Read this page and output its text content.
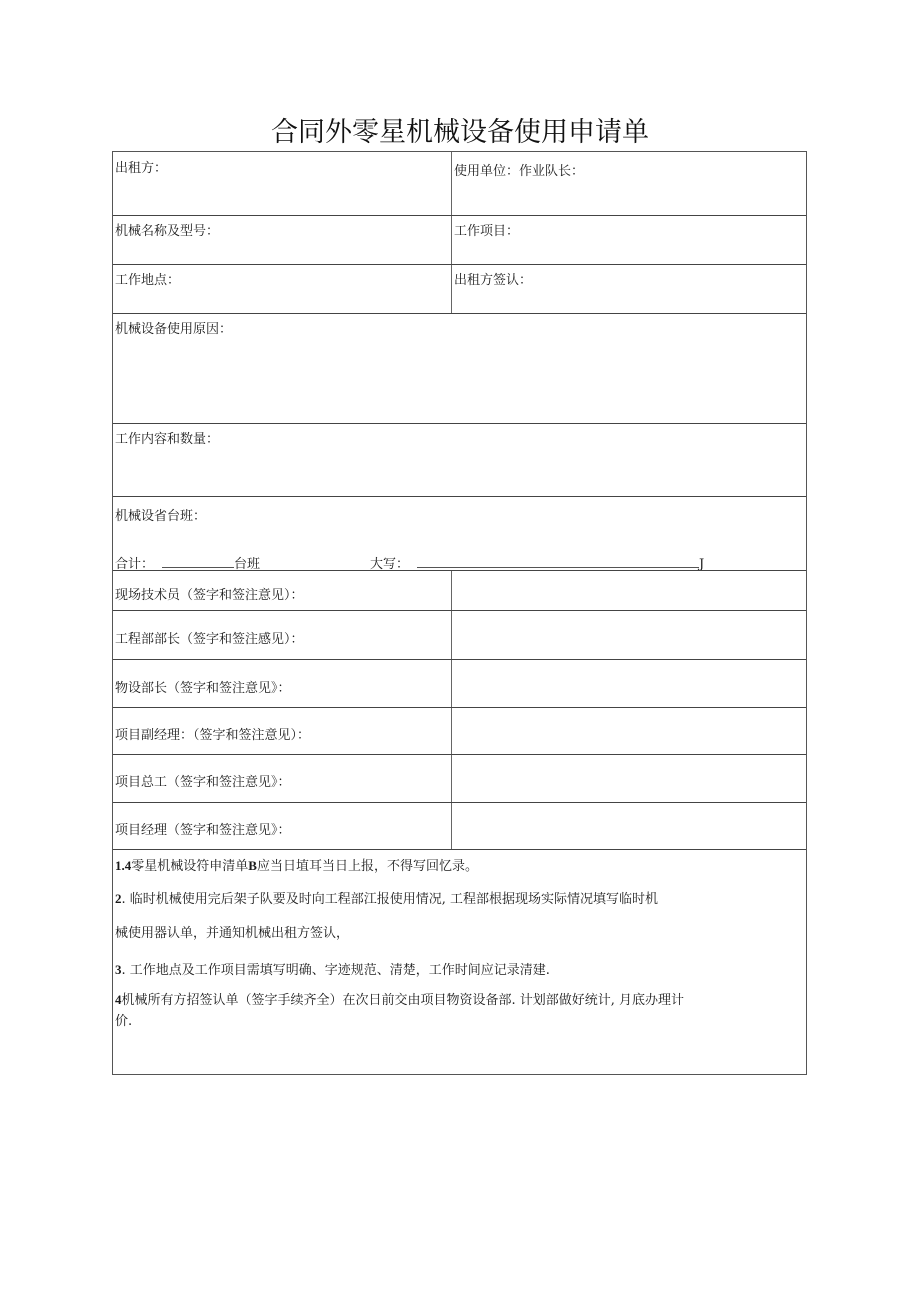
合同外零星机械设备使用申请单
出租方：	使用单位：作业队长：
机械名称及型号：	工作项目：
工作地点：	出租方签认：
机械设备使用原因：
工作内容和数量：
机械设省台班：
合计：	台班	大写：	J
现场技术员（签字和签注意见）：
工程部部长（签字和签注感见）：
物设部长（签字和签注意见》：
项目副经理：（签字和签注意见）：
项目总工（签字和签注意见》：
项目经理（签字和签注意见》：
1.4零星机械设符申清单B应当日埴耳当日上报，不得写回忆录。
2. 临时机械使用完后架子队要及时向工程部江报使用情况, 工程部根据现场实际情况填写临时机
械使用器认单，并通知机械出租方签认，
3. 工作地点及工作项目需填写明确、字迹规范、清楚，工作时间应记录清建.
4机械所有方招签认单（签字手续齐全）在次日前交由项目物资设备部. 计划部做好统计, 月底办理计
价.
